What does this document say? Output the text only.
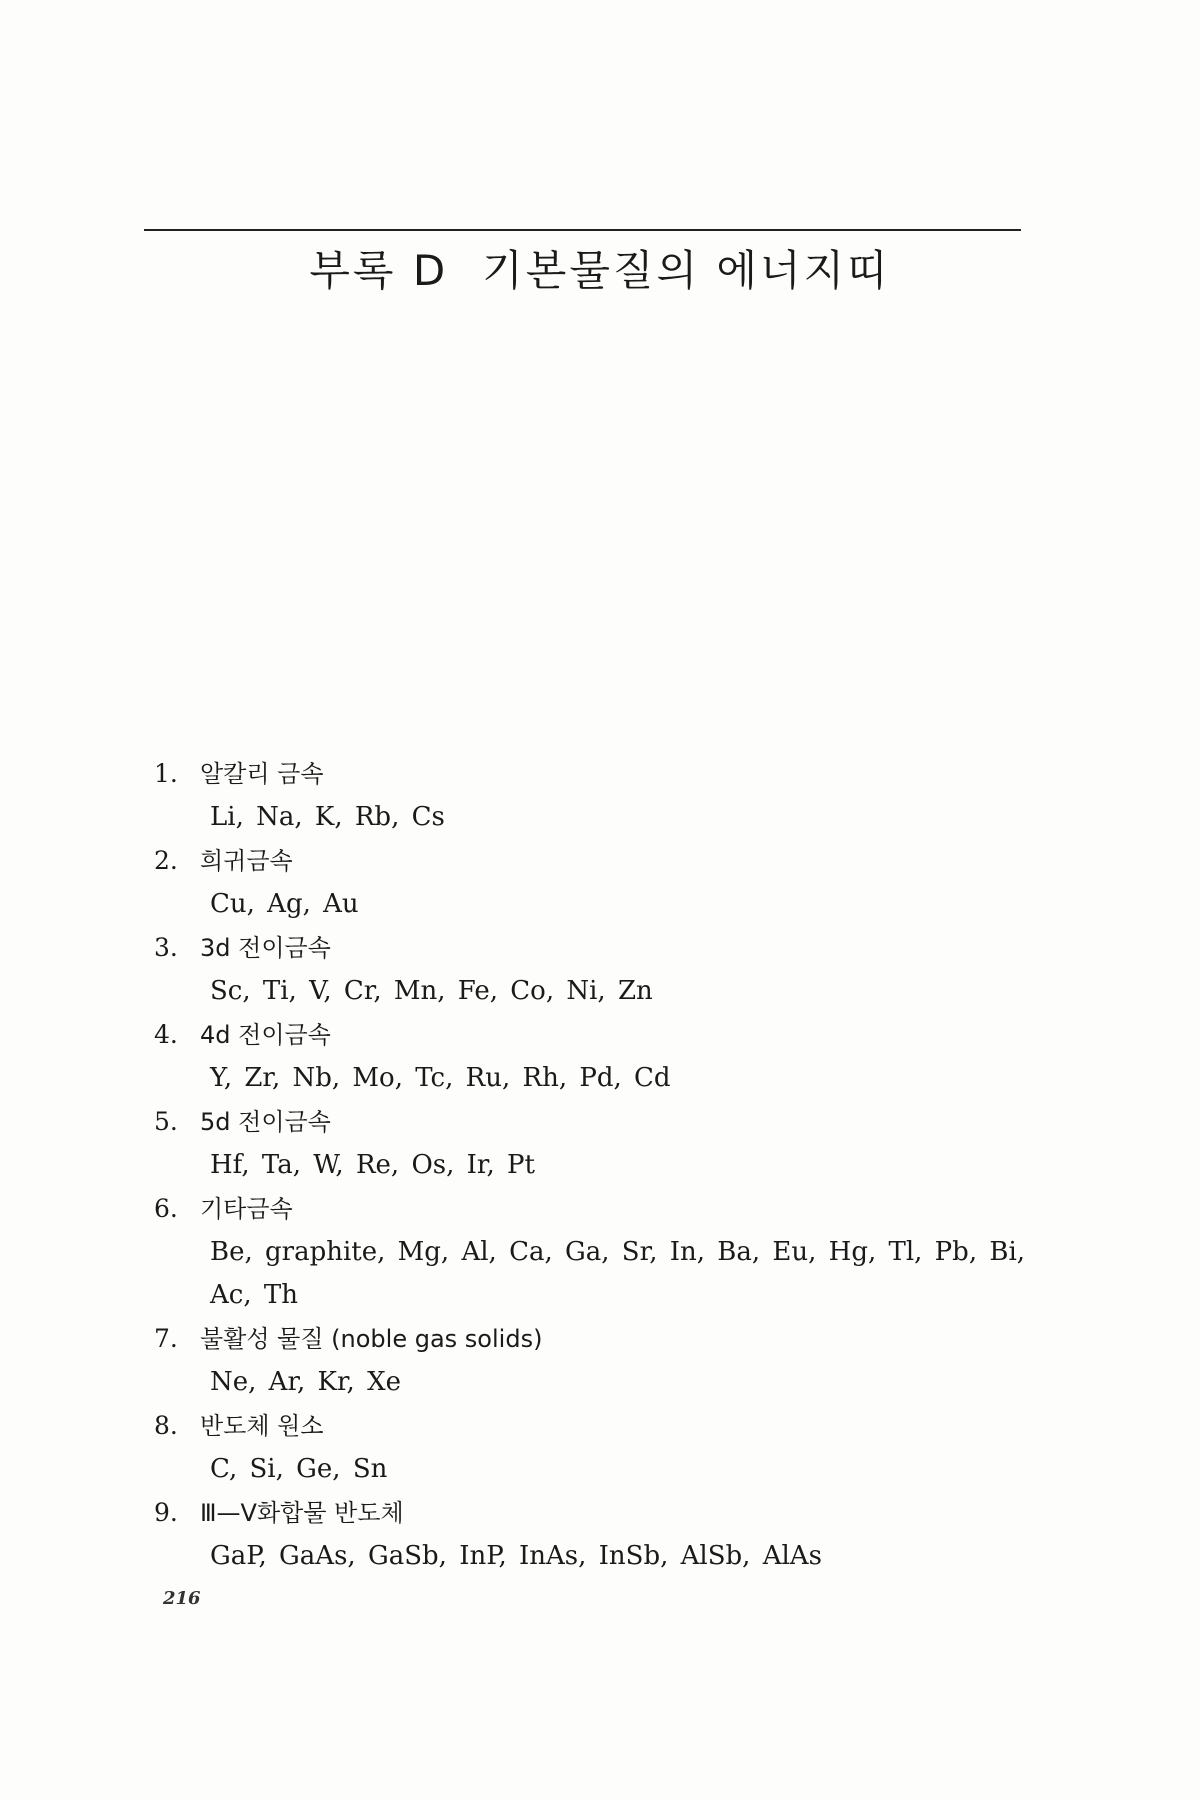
부록 D 기본물질의 에너지띠
1. 알칼리 금속
Li, Na, K, Rb, Cs
2. 희귀금속
Cu, Ag, Au
3. 3d 전이금속
Sc, Ti, V, Cr, Mn, Fe, Co, Ni, Zn
4. 4d 전이금속
Y, Zr, Nb, Mo, Tc, Ru, Rh, Pd, Cd
5. 5d 전이금속
Hf, Ta, W, Re, Os, Ir, Pt
6. 기타금속
Be, graphite, Mg, Al, Ca, Ga, Sr, In, Ba, Eu, Hg, Tl, Pb, Bi, Ac, Th
7. 불활성 물질 (noble gas solids)
Ne, Ar, Kr, Xe
8. 반도체 원소
C, Si, Ge, Sn
9. Ⅲ—V화합물 반도체
GaP, GaAs, GaSb, InP, InAs, InSb, AlSb, AlAs
216
